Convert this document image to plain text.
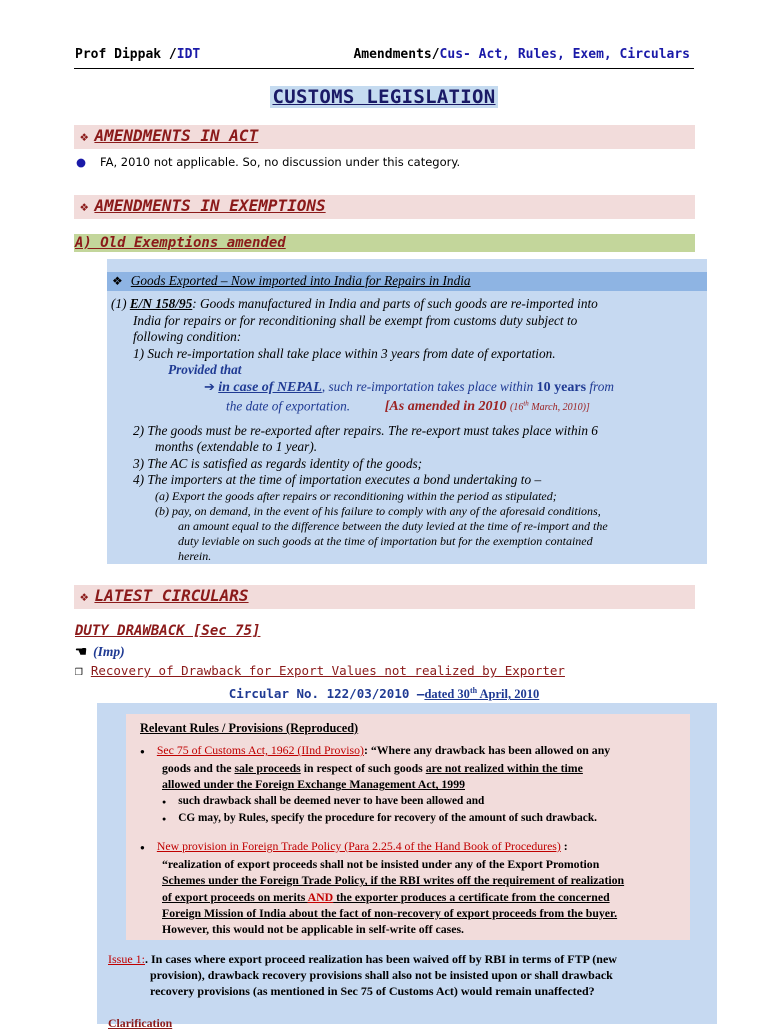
Prof Dippak /IDT	Amendments/Cus- Act, Rules, Exem, Circulars
CUSTOMS LEGISLATION
❖ AMENDMENTS IN ACT
● FA, 2010 not applicable. So, no discussion under this category.
❖ AMENDMENTS IN EXEMPTIONS
A) Old Exemptions amended
❖ Goods Exported – Now imported into India for Repairs in India
(1) E/N 158/95: Goods manufactured in India and parts of such goods are re-imported into
India for repairs or for reconditioning shall be exempt from customs duty subject to
following condition:
1) Such re-importation shall take place within 3 years from date of exportation.
Provided that
➔ in case of NEPAL, such re-importation takes place within 10 years from
the date of exportation. [As amended in 2010 (16th March, 2010)]
2) The goods must be re-exported after repairs. The re-export must takes place within 6
months (extendable to 1 year).
3) The AC is satisfied as regards identity of the goods;
4) The importers at the time of importation executes a bond undertaking to –
(a) Export the goods after repairs or reconditioning within the period as stipulated;
(b) pay, on demand, in the event of his failure to comply with any of the aforesaid conditions,
an amount equal to the difference between the duty levied at the time of re-import and the
duty leviable on such goods at the time of importation but for the exemption contained
herein.
❖ LATEST CIRCULARS
DUTY DRAWBACK [Sec 75]
☚ (Imp)
❒ Recovery of Drawback for Export Values not realized by Exporter
Circular No. 122/03/2010 –dated 30th April, 2010
Relevant Rules / Provisions (Reproduced)
● Sec 75 of Customs Act, 1962 (IInd Proviso): “Where any drawback has been allowed on any
goods and the sale proceeds in respect of such goods are not realized within the time
allowed under the Foreign Exchange Management Act, 1999
● such drawback shall be deemed never to have been allowed and
● CG may, by Rules, specify the procedure for recovery of the amount of such drawback.
● New provision in Foreign Trade Policy (Para 2.25.4 of the Hand Book of Procedures) :
“realization of export proceeds shall not be insisted under any of the Export Promotion
Schemes under the Foreign Trade Policy, if the RBI writes off the requirement of realization
of export proceeds on merits AND the exporter produces a certificate from the concerned
Foreign Mission of India about the fact of non-recovery of export proceeds from the buyer.
However, this would not be applicable in self-write off cases.
Issue 1:. In cases where export proceed realization has been waived off by RBI in terms of FTP (new
provision), drawback recovery provisions shall also not be insisted upon or shall drawback
recovery provisions (as mentioned in Sec 75 of Customs Act) would remain unaffected?
Clarification
